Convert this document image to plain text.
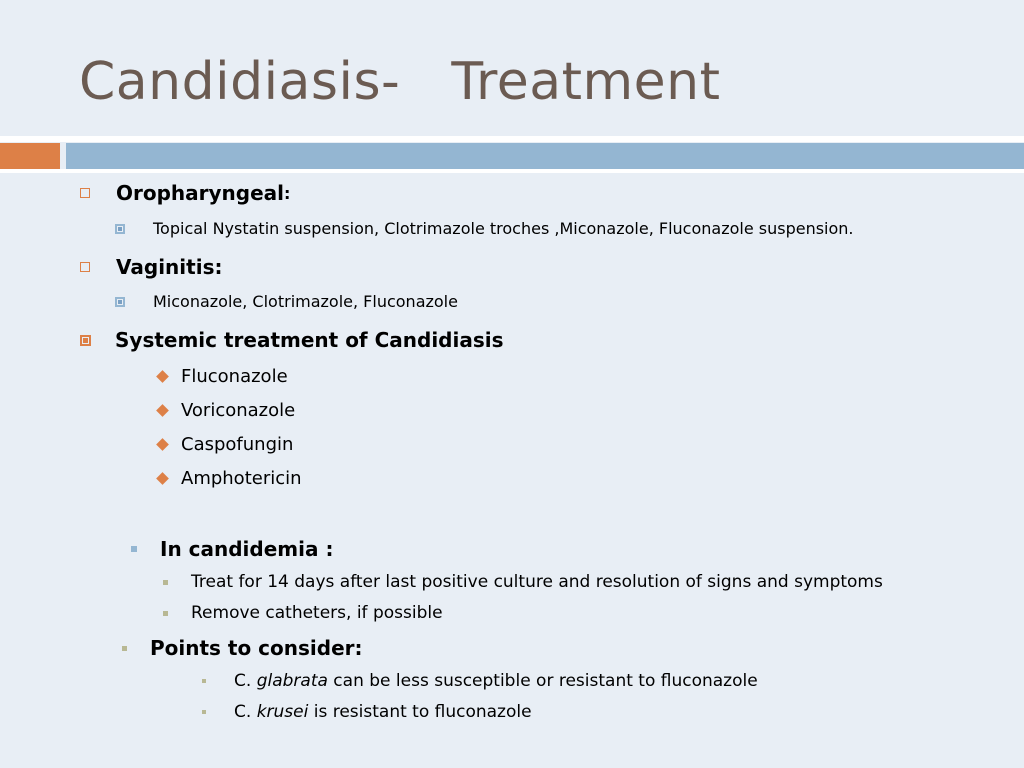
Candidiasis-   Treatment
Oropharyngeal :
Topical Nystatin suspension, Clotrimazole troches ,Miconazole, Fluconazole suspension.
Vaginitis:
Miconazole, Clotrimazole, Fluconazole
Systemic treatment of Candidiasis
Fluconazole
Voriconazole
Caspofungin
Amphotericin
In candidemia :
Treat for 14 days after last positive culture and resolution of signs and symptoms
Remove catheters, if possible
Points to consider:
C. glabrata can be less susceptible or resistant to fluconazole
C. krusei is resistant to fluconazole
